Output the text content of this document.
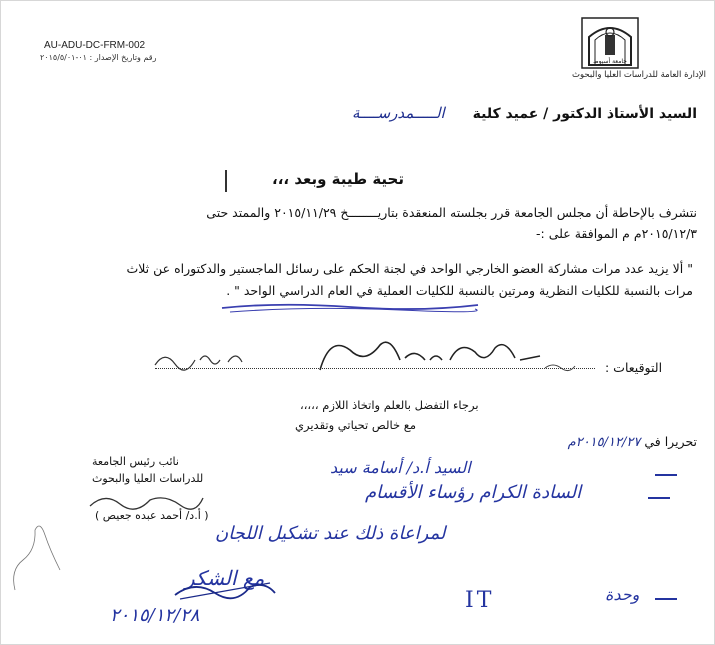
AU-ADU-DC-FRM-002
رقم وتاريخ الإصدار : ٠١-٢٠١٥/٥/٠١	جامعة أسيوط
الإدارة العامة للدراسات العليا والبحوث
السيد الأستاذ الدكتور / عميد كلية
الـــــمدرســــة
تحية طيبة وبعد ،،،
نتشرف بالإحاطة أن مجلس الجامعة قرر بجلسته المنعقدة بتاريــــــــخ ٢٠١٥/١١/٢٩ والممتد حتى
٢٠١٥/١٢/٣م م الموافقة على :-
" ألا يزيد عدد مرات مشاركة العضو الخارجي الواحد في لجنة الحكم على رسائل الماجستير والدكتوراه عن ثلاث
مرات بالنسبة للكليات النظرية ومرتين بالنسبة للكليات العملية في العام الدراسي الواحد " .
التوقيعات :
برجاء التفضل بالعلم واتخاذ اللازم ،،،،،
مع خالص تحياتي وتقديري
تحريرا في ٢٠١٥/١٢/٢٧م
نائب رئيس الجامعة
للدراسات العليا والبحوث
( أ.د/ أحمد عبده جعيص )
السيد أ.د/ أسامة سيد
السادة الكرام رؤساء الأقسام
لمراعاة ذلك عند تشكيل اللجان
مع الشكر
وحدة
IT
٢٠١٥/١٢/٢٨
